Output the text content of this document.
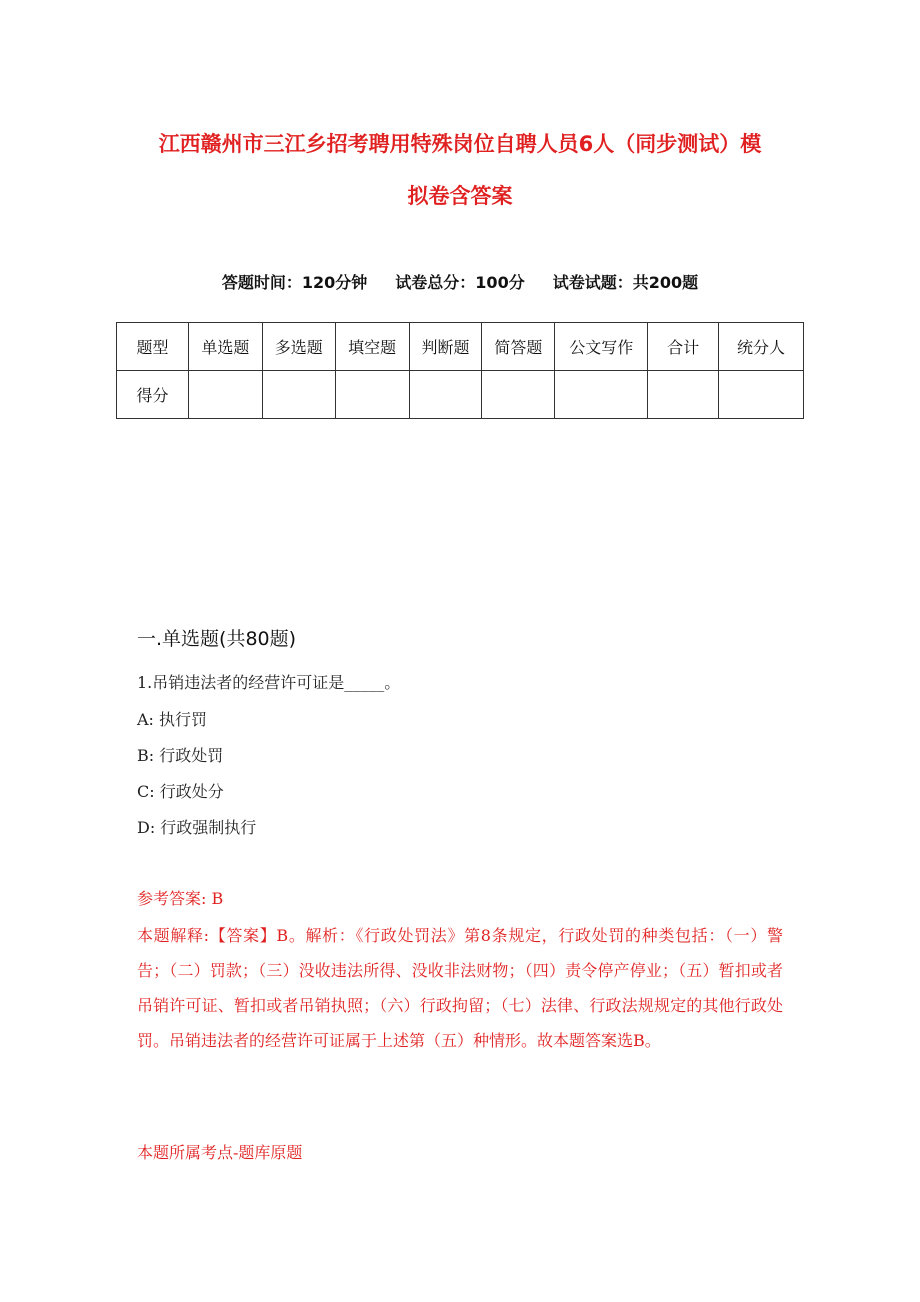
江西赣州市三江乡招考聘用特殊岗位自聘人员6人（同步测试）模
拟卷含答案
答题时间：120分钟 试卷总分：100分 试卷试题：共200题
题型	单选题	多选题	填空题	判断题	简答题	公文写作	合计	统分人
得分								
一.单选题(共80题)
1.吊销违法者的经营许可证是_____。
A: 执行罚
B: 行政处罚
C: 行政处分
D: 行政强制执行
参考答案: B
本题解释:【答案】B。解析：《行政处罚法》第8条规定，行政处罚的种类包括：（一）警告；（二）罚款；（三）没收违法所得、没收非法财物；（四）责令停产停业；（五）暂扣或者吊销许可证、暂扣或者吊销执照；（六）行政拘留；（七）法律、行政法规规定的其他行政处罚。吊销违法者的经营许可证属于上述第（五）种情形。故本题答案选B。
本题所属考点-题库原题
